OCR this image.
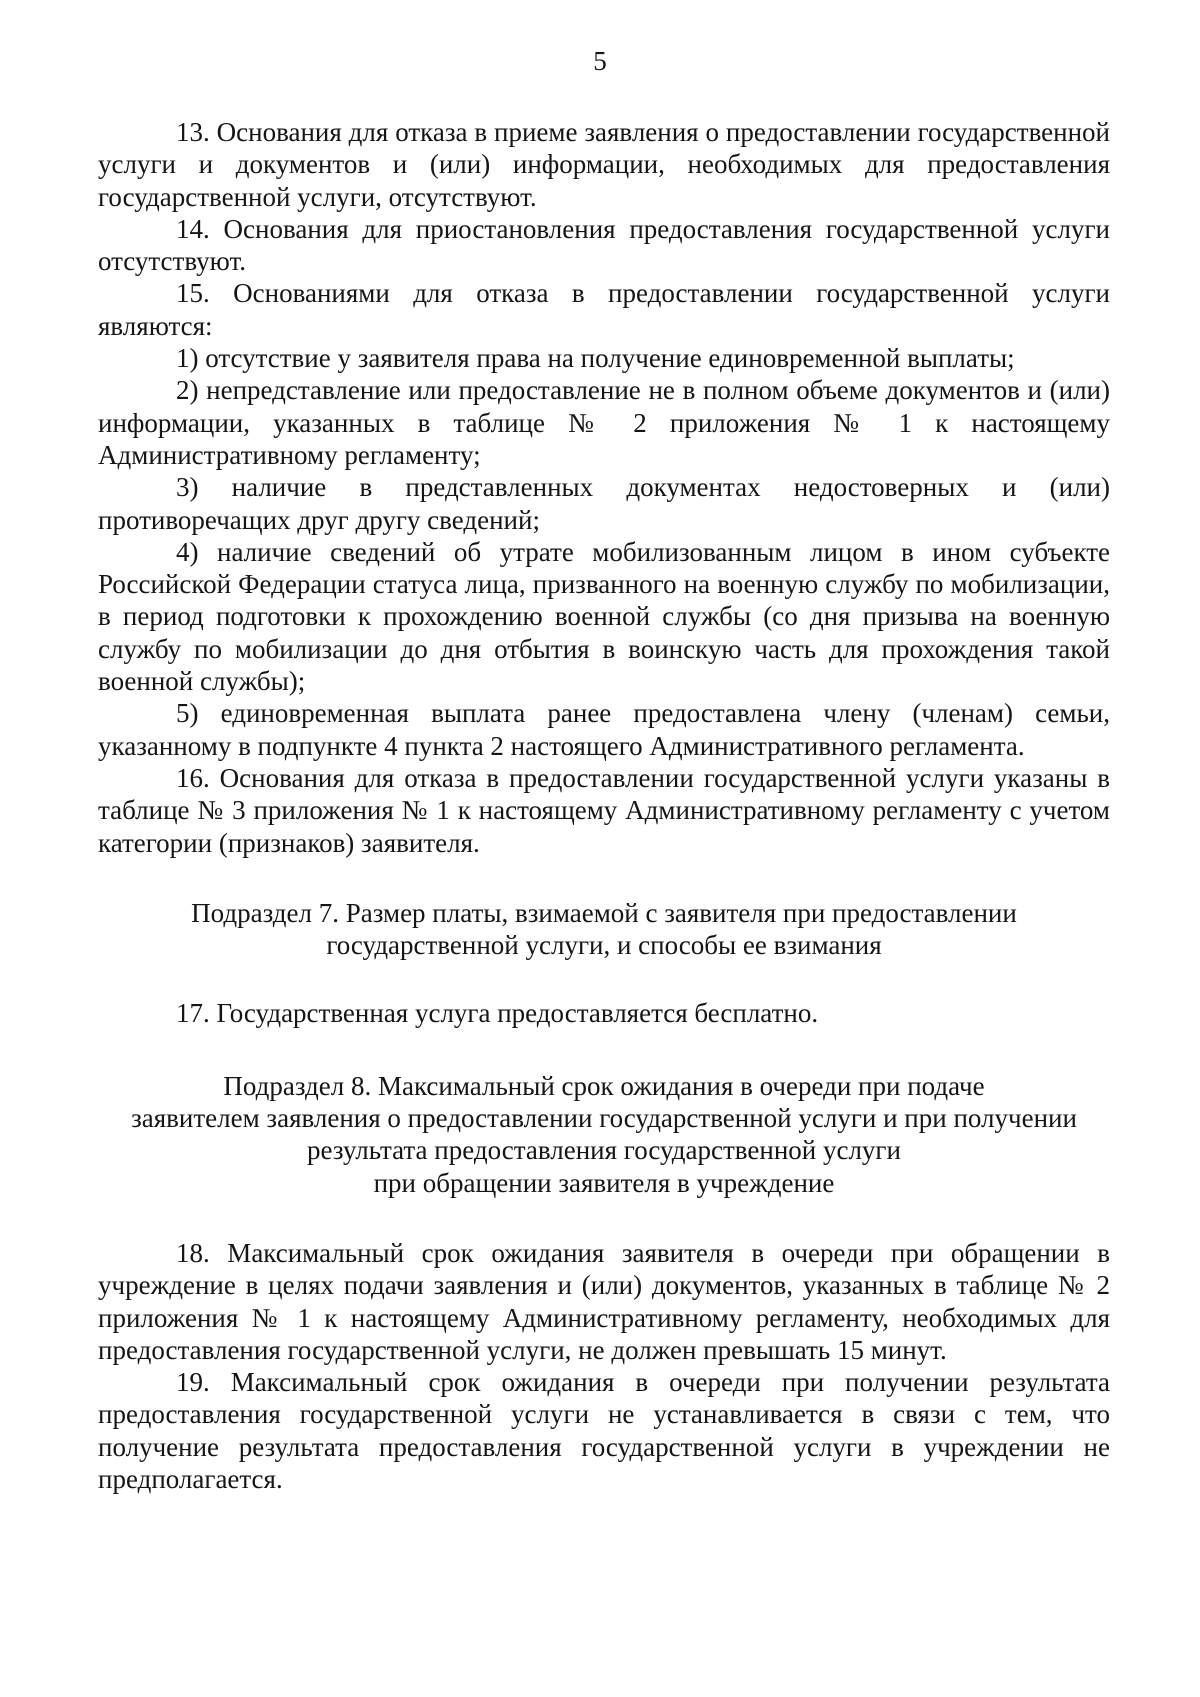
5

13. Основания для отказа в приеме заявления о предоставлении государственной услуги и документов и (или) информации, необходимых для предоставления государственной услуги, отсутствуют.

14. Основания для приостановления предоставления государственной услуги отсутствуют.

15. Основаниями для отказа в предоставлении государственной услуги являются:

1) отсутствие у заявителя права на получение единовременной выплаты;

2) непредставление или предоставление не в полном объеме документов и (или) информации, указанных в таблице № 2 приложения № 1 к настоящему Административному регламенту;

3) наличие в представленных документах недостоверных и (или) противоречащих друг другу сведений;

4) наличие сведений об утрате мобилизованным лицом в ином субъекте Российской Федерации статуса лица, призванного на военную службу по мобилизации, в период подготовки к прохождению военной службы (со дня призыва на военную службу по мобилизации до дня отбытия в воинскую часть для прохождения такой военной службы);

5) единовременная выплата ранее предоставлена члену (членам) семьи, указанному в подпункте 4 пункта 2 настоящего Административного регламента.

16. Основания для отказа в предоставлении государственной услуги указаны в таблице № 3 приложения № 1 к настоящему Административному регламенту с учетом категории (признаков) заявителя.

Подраздел 7. Размер платы, взимаемой с заявителя при предоставлении
государственной услуги, и способы ее взимания

17. Государственная услуга предоставляется бесплатно.

Подраздел 8. Максимальный срок ожидания в очереди при подаче
заявителем заявления о предоставлении государственной услуги и при получении
результата предоставления государственной услуги
при обращении заявителя в учреждение

18. Максимальный срок ожидания заявителя в очереди при обращении в учреждение в целях подачи заявления и (или) документов, указанных в таблице № 2 приложения № 1 к настоящему Административному регламенту, необходимых для предоставления государственной услуги, не должен превышать 15 минут.

19. Максимальный срок ожидания в очереди при получении результата предоставления государственной услуги не устанавливается в связи с тем, что получение результата предоставления государственной услуги в учреждении не предполагается.
